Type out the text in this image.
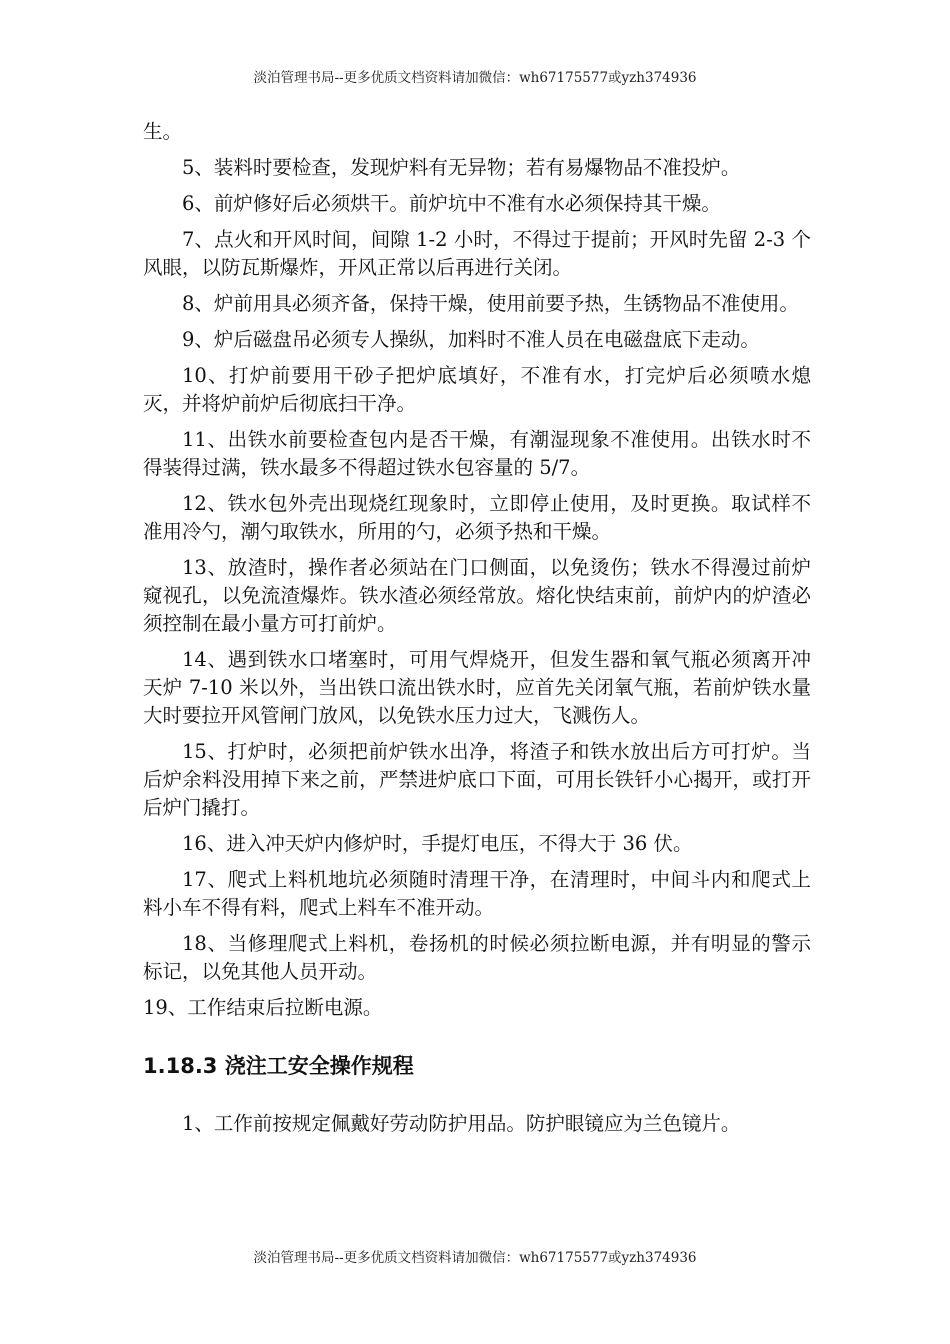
淡泊管理书局--更多优质文档资料请加微信：wh67175577或yzh374936

生。

5、装料时要检查，发现炉料有无异物；若有易爆物品不准投炉。

6、前炉修好后必须烘干。前炉坑中不准有水必须保持其干燥。

7、点火和开风时间，间隙 1-2 小时，不得过于提前；开风时先留 2-3 个风眼，以防瓦斯爆炸，开风正常以后再进行关闭。

8、炉前用具必须齐备，保持干燥，使用前要予热，生锈物品不准使用。

9、炉后磁盘吊必须专人操纵，加料时不准人员在电磁盘底下走动。

10、打炉前要用干砂子把炉底填好，不准有水，打完炉后必须喷水熄灭，并将炉前炉后彻底扫干净。

11、出铁水前要检查包内是否干燥，有潮湿现象不准使用。出铁水时不得装得过满，铁水最多不得超过铁水包容量的 5/7。

12、铁水包外壳出现烧红现象时，立即停止使用，及时更换。取试样不准用冷勺，潮勺取铁水，所用的勺，必须予热和干燥。

13、放渣时，操作者必须站在门口侧面，以免烫伤；铁水不得漫过前炉窥视孔，以免流渣爆炸。铁水渣必须经常放。熔化快结束前，前炉内的炉渣必须控制在最小量方可打前炉。

14、遇到铁水口堵塞时，可用气焊烧开，但发生器和氧气瓶必须离开冲天炉 7-10 米以外，当出铁口流出铁水时，应首先关闭氧气瓶，若前炉铁水量大时要拉开风管闸门放风，以免铁水压力过大，飞溅伤人。

15、打炉时，必须把前炉铁水出净，将渣子和铁水放出后方可打炉。当后炉余料没用掉下来之前，严禁进炉底口下面，可用长铁钎小心揭开，或打开后炉门撬打。

16、进入冲天炉内修炉时，手提灯电压，不得大于 36 伏。

17、爬式上料机地坑必须随时清理干净，在清理时，中间斗内和爬式上料小车不得有料，爬式上料车不准开动。

18、当修理爬式上料机，卷扬机的时候必须拉断电源，并有明显的警示标记，以免其他人员开动。

19、工作结束后拉断电源。

1.18.3 浇注工安全操作规程

1、工作前按规定佩戴好劳动防护用品。防护眼镜应为兰色镜片。

淡泊管理书局--更多优质文档资料请加微信：wh67175577或yzh374936
